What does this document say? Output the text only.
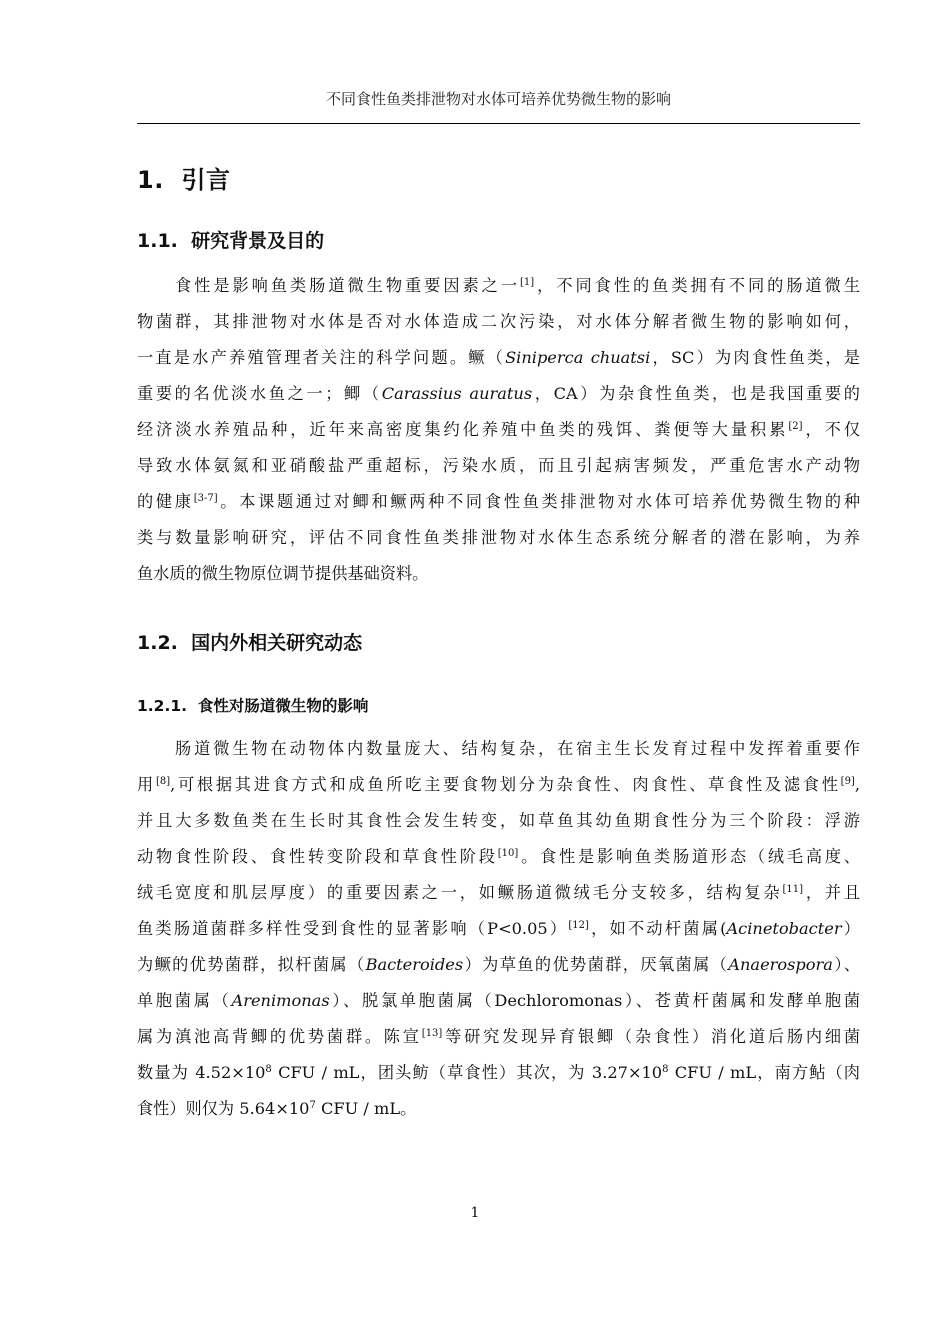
不同食性鱼类排泄物对水体可培养优势微生物的影响
1. 引言
1.1. 研究背景及目的
食性是影响鱼类肠道微生物重要因素之一[1]，不同食性的鱼类拥有不同的肠道微生
物菌群，其排泄物对水体是否对水体造成二次污染，对水体分解者微生物的影响如何，
一直是水产养殖管理者关注的科学问题。鳜（Siniperca chuatsi，SC）为肉食性鱼类，是
重要的名优淡水鱼之一；鲫（Carassius auratus，CA）为杂食性鱼类，也是我国重要的
经济淡水养殖品种，近年来高密度集约化养殖中鱼类的残饵、粪便等大量积累[2]，不仅
导致水体氨氮和亚硝酸盐严重超标，污染水质，而且引起病害频发，严重危害水产动物
的健康[3-7]。本课题通过对鲫和鳜两种不同食性鱼类排泄物对水体可培养优势微生物的种
类与数量影响研究，评估不同食性鱼类排泄物对水体生态系统分解者的潜在影响，为养
鱼水质的微生物原位调节提供基础资料。
1.2. 国内外相关研究动态
1.2.1. 食性对肠道微生物的影响
肠道微生物在动物体内数量庞大、结构复杂，在宿主生长发育过程中发挥着重要作
用[8],可根据其进食方式和成鱼所吃主要食物划分为杂食性、肉食性、草食性及滤食性[9],
并且大多数鱼类在生长时其食性会发生转变，如草鱼其幼鱼期食性分为三个阶段：浮游
动物食性阶段、食性转变阶段和草食性阶段[10]。食性是影响鱼类肠道形态（绒毛高度、
绒毛宽度和肌层厚度）的重要因素之一，如鳜肠道微绒毛分支较多，结构复杂[11]，并且
鱼类肠道菌群多样性受到食性的显著影响（P<0.05）[12]，如不动杆菌属(Acinetobacter）
为鳜的优势菌群，拟杆菌属（Bacteroides）为草鱼的优势菌群，厌氧菌属（Anaerospora）、
单胞菌属（Arenimonas）、脱氯单胞菌属（Dechloromonas）、苍黄杆菌属和发酵单胞菌
属为滇池高背鲫的优势菌群。陈宣[13]等研究发现异育银鲫（杂食性）消化道后肠内细菌
数量为 $4.52\times 10^8$ CFU / mL，团头鲂（草食性）其次，为 $3.27\times 10^8$ CFU / mL，南方鲇（肉
食性）则仅为 $5.64\times 10^7$ CFU / mL。
1
